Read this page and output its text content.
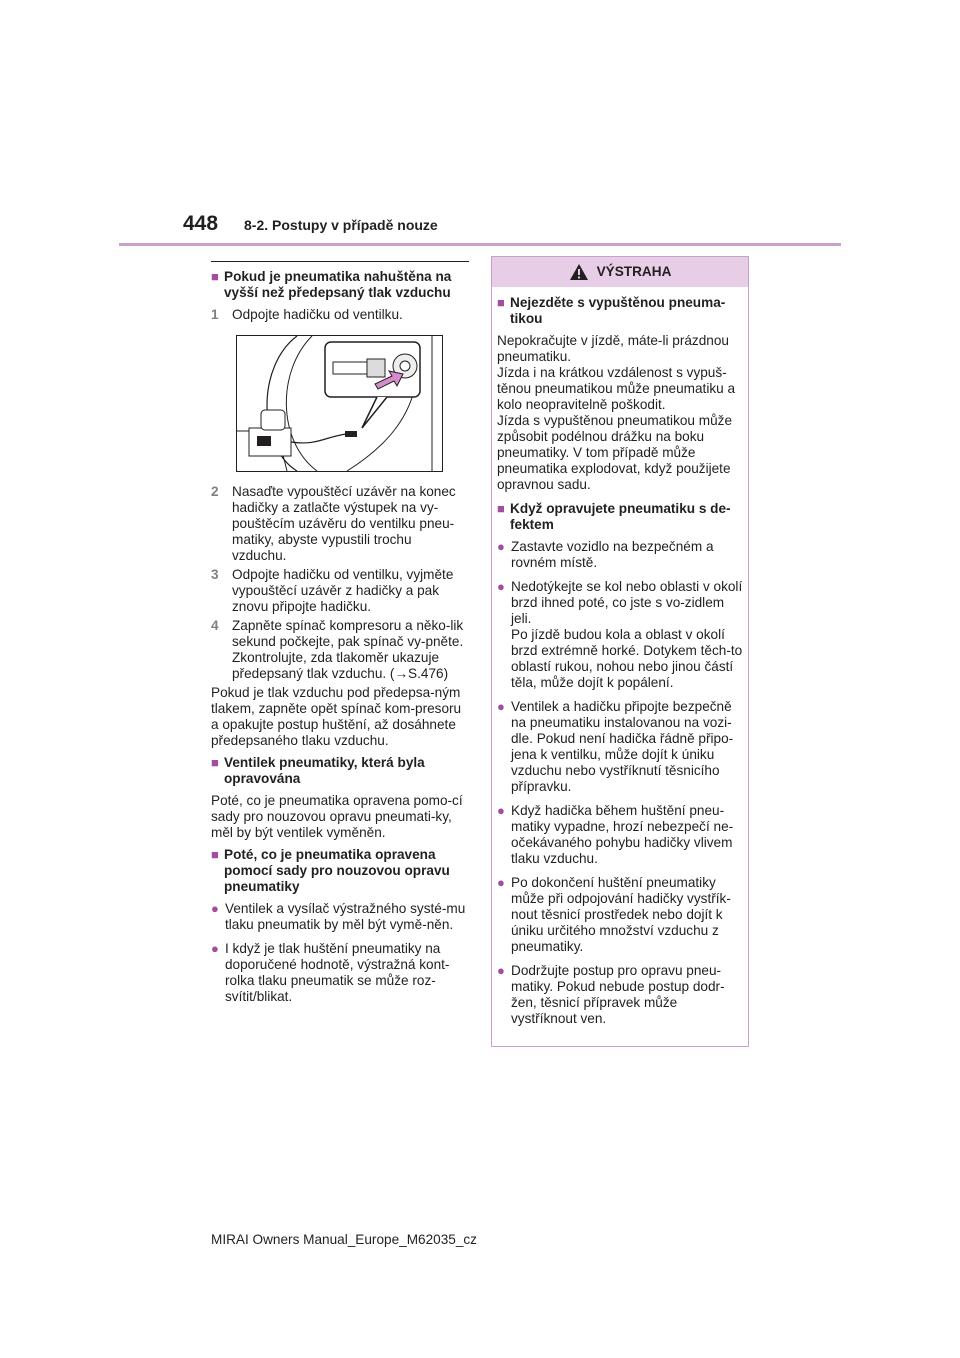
448 8-2. Postupy v případě nouze
■ Pokud je pneumatika nahuštěna na vyšší než předepsaný tlak vzduchu
1 Odpojte hadičku od ventilku.
2 Nasaďte vypouštěcí uzávěr na konec hadičky a zatlačte výstupek na vy-pouštěcím uzávěru do ventilku pneu-matiky, abyste vypustili trochu vzduchu.
3 Odpojte hadičku od ventilku, vyjměte vypouštěcí uzávěr z hadičky a pak znovu připojte hadičku.
4 Zapněte spínač kompresoru a něko-lik sekund počkejte, pak spínač vy-pněte. Zkontrolujte, zda tlakoměr ukazuje předepsaný tlak vzduchu. (→S.476)

Pokud je tlak vzduchu pod předepsa-ným tlakem, zapněte opět spínač kom-presoru a opakujte postup huštění, až dosáhnete předepsaného tlaku vzduchu.

■ Ventilek pneumatiky, která byla opravována

Poté, co je pneumatika opravena pomo-cí sady pro nouzovou opravu pneumati-ky, měl by být ventilek vyměněn.

■ Poté, co je pneumatika opravena pomocí sady pro nouzovou opravu pneumatiky
● Ventilek a vysílač výstražného systé-mu tlaku pneumatik by měl být vymě-něn.
● I když je tlak huštění pneumatiky na doporučené hodnotě, výstražná kont-rolka tlaku pneumatik se může roz-svítit/blikat.
VÝSTRAHA
■ Nejezděte s vypuštěnou pneuma-tikou
Nepokračujte v jízdě, máte-li prázdnou pneumatiku.
Jízda i na krátkou vzdálenost s vypuš-těnou pneumatikou může pneumatiku a kolo neopravitelně poškodit.
Jízda s vypuštěnou pneumatikou může způsobit podélnou drážku na boku pneumatiky. V tom případě může pneumatika explodovat, když použijete opravnou sadu.
■ Když opravujete pneumatiku s de-fektem
● Zastavte vozidlo na bezpečném a rovném místě.
● Nedotýkejte se kol nebo oblasti v okolí brzd ihned poté, co jste s vo-zidlem jeli.
Po jízdě budou kola a oblast v okolí brzd extrémně horké. Dotykem těch-to oblastí rukou, nohou nebo jinou částí těla, může dojít k popálení.
● Ventilek a hadičku připojte bezpečně na pneumatiku instalovanou na vozi-dle. Pokud není hadička řádně připo-jena k ventilku, může dojít k úniku vzduchu nebo vystříknutí těsnicího přípravku.
● Když hadička během huštění pneu-matiky vypadne, hrozí nebezpečí ne-očekávaného pohybu hadičky vlivem tlaku vzduchu.
● Po dokončení huštění pneumatiky může při odpojování hadičky vystřík-nout těsnicí prostředek nebo dojít k úniku určitého množství vzduchu z pneumatiky.
● Dodržujte postup pro opravu pneu-matiky. Pokud nebude postup dodr-žen, těsnicí přípravek může vystříknout ven.
MIRAI Owners Manual_Europe_M62035_cz
